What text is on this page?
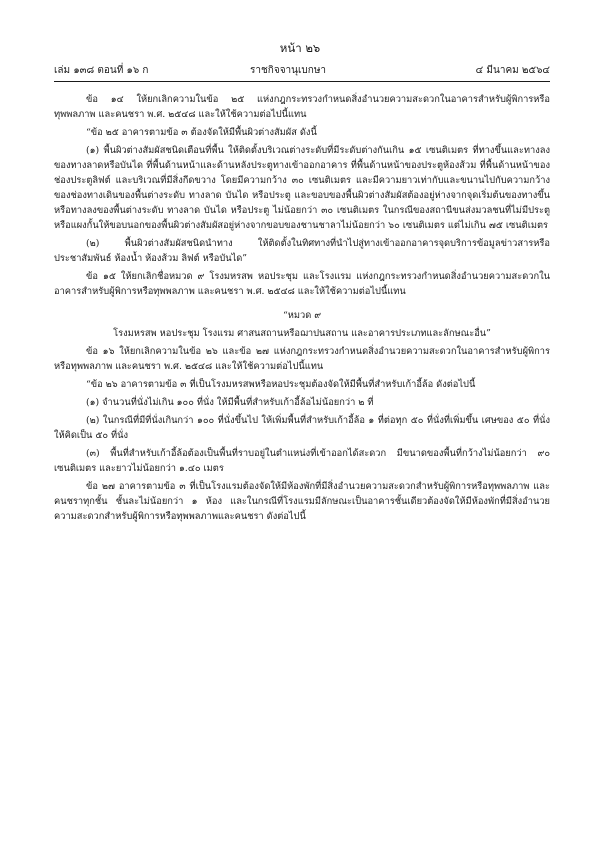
หน้า ๒๖
เล่ม ๑๓๘ ตอนที่ ๑๖ ก	ราชกิจจานุเบกษา	๔ มีนาคม ๒๕๖๔

ข้อ ๑๔ ให้ยกเลิกความในข้อ ๒๕ แห่งกฎกระทรวงกำหนดสิ่งอำนวยความสะดวกในอาคารสำหรับผู้พิการหรือทุพพลภาพ และคนชรา พ.ศ. ๒๕๔๘ และให้ใช้ความต่อไปนี้แทน

“ข้อ ๒๕ อาคารตามข้อ ๓ ต้องจัดให้มีพื้นผิวต่างสัมผัส ดังนี้

(๑) พื้นผิวต่างสัมผัสชนิดเตือนที่พื้น ให้ติดตั้งบริเวณต่างระดับที่มีระดับต่างกันเกิน ๑๕ เซนติเมตร ที่ทางขึ้นและทางลงของทางลาดหรือบันได ที่พื้นด้านหน้าและด้านหลังประตูทางเข้าออกอาคาร ที่พื้นด้านหน้าของประตูห้องส้วม ที่พื้นด้านหน้าของช่องประตูลิฟต์ และบริเวณที่มีสิ่งกีดขวาง โดยมีความกว้าง ๓๐ เซนติเมตร และมีความยาวเท่ากับและขนานไปกับความกว้างของช่องทางเดินของพื้นต่างระดับ ทางลาด บันได หรือประตู และขอบของพื้นผิวต่างสัมผัสต้องอยู่ห่างจากจุดเริ่มต้นของทางขึ้นหรือทางลงของพื้นต่างระดับ ทางลาด บันได หรือประตู ไม่น้อยกว่า ๓๐ เซนติเมตร ในกรณีของสถานีขนส่งมวลชนที่ไม่มีประตูหรือแผงกั้นให้ขอบนอกของพื้นผิวต่างสัมผัสอยู่ห่างจากขอบของชานชาลาไม่น้อยกว่า ๖๐ เซนติเมตร แต่ไม่เกิน ๗๕ เซนติเมตร

(๒) พื้นผิวต่างสัมผัสชนิดนำทาง ให้ติดตั้งในทิศทางที่นำไปสู่ทางเข้าออกอาคารจุดบริการข้อมูลข่าวสารหรือประชาสัมพันธ์ ห้องน้ำ ห้องส้วม ลิฟต์ หรือบันได”

ข้อ ๑๕ ให้ยกเลิกชื่อหมวด ๙ โรงมหรสพ หอประชุม และโรงแรม แห่งกฎกระทรวงกำหนดสิ่งอำนวยความสะดวกในอาคารสำหรับผู้พิการหรือทุพพลภาพ และคนชรา พ.ศ. ๒๕๔๘ และให้ใช้ความต่อไปนี้แทน

“หมวด ๙

โรงมหรสพ หอประชุม โรงแรม ศาสนสถานหรือฌาปนสถาน และอาคารประเภทและลักษณะอื่น”

ข้อ ๑๖ ให้ยกเลิกความในข้อ ๒๖ และข้อ ๒๗ แห่งกฎกระทรวงกำหนดสิ่งอำนวยความสะดวกในอาคารสำหรับผู้พิการหรือทุพพลภาพ และคนชรา พ.ศ. ๒๕๔๘ และให้ใช้ความต่อไปนี้แทน

“ข้อ ๒๖ อาคารตามข้อ ๓ ที่เป็นโรงมหรสพหรือหอประชุมต้องจัดให้มีพื้นที่สำหรับเก้าอี้ล้อ ดังต่อไปนี้

(๑) จำนวนที่นั่งไม่เกิน ๑๐๐ ที่นั่ง ให้มีพื้นที่สำหรับเก้าอี้ล้อไม่น้อยกว่า ๒ ที่

(๒) ในกรณีที่มีที่นั่งเกินกว่า ๑๐๐ ที่นั่งขึ้นไป ให้เพิ่มพื้นที่สำหรับเก้าอี้ล้อ ๑ ที่ต่อทุก ๕๐ ที่นั่งที่เพิ่มขึ้น เศษของ ๕๐ ที่นั่ง ให้คิดเป็น ๕๐ ที่นั่ง

(๓) พื้นที่สำหรับเก้าอี้ล้อต้องเป็นพื้นที่ราบอยู่ในตำแหน่งที่เข้าออกได้สะดวก มีขนาดของพื้นที่กว้างไม่น้อยกว่า ๙๐ เซนติเมตร และยาวไม่น้อยกว่า ๑.๔๐ เมตร

ข้อ ๒๗ อาคารตามข้อ ๓ ที่เป็นโรงแรมต้องจัดให้มีห้องพักที่มีสิ่งอำนวยความสะดวกสำหรับผู้พิการหรือทุพพลภาพ และคนชราทุกชั้น ชั้นละไม่น้อยกว่า ๑ ห้อง และในกรณีที่โรงแรมมีลักษณะเป็นอาคารชั้นเดียวต้องจัดให้มีห้องพักที่มีสิ่งอำนวยความสะดวกสำหรับผู้พิการหรือทุพพลภาพและคนชรา ดังต่อไปนี้
